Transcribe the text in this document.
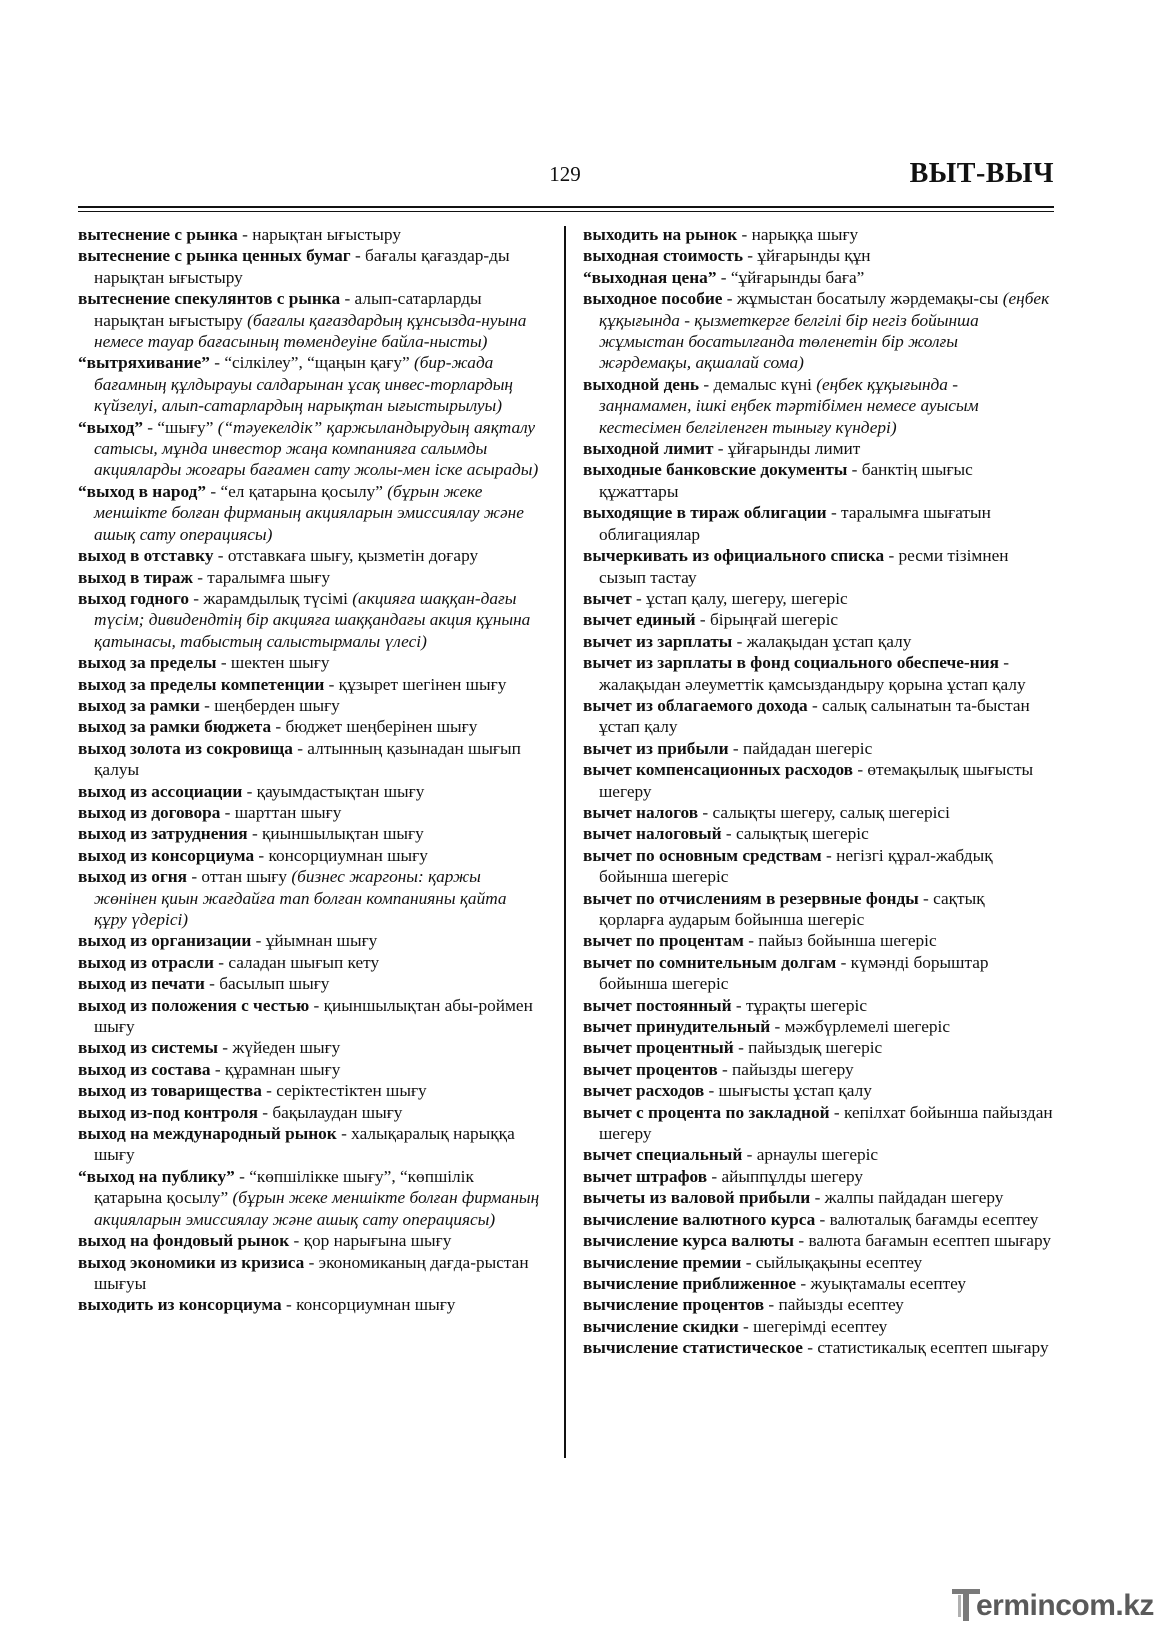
129	ВЫТ-ВЫЧ
вытеснение с рынка - нарықтан ығыстыру
вытеснение с рынка ценных бумаг - бағалы қағаздар-ды нарықтан ығыстыру
вытеснение спекулянтов с рынка - алып-сатарларды нарықтан ығыстыру (бағалы қағаздардың құнсызда-нуына немесе тауар бағасының төмендеуіне байла-нысты)
“вытряхивание” - “сілкілеу”, “щаңын қағу” (бир-жада бағамның құлдырауы салдарынан ұсақ инвес-торлардың күйзелуі, алып-сатарлардың нарықтан ығыстырылуы)
“выход” - “шығу” (“тәуекелдік” қаржыландырудың аяқталу сатысы, мұнда инвестор жаңа компанияға салымды акцияларды жоғары бағамен сату жолы-мен іске асырады)
“выход в народ” - “ел қатарына қосылу” (бұрын жеке меншікте болған фирманың акцияларын эмиссиялау және ашық сату операциясы)
выход в отставку - отставкаға шығу, қызметін доғару
выход в тираж - таралымға шығу
выход годного - жарамдылық түсімі (акцияға шаққан-дағы түсім; дивидендтің бір акцияға шаққандағы акция құнына қатынасы, табыстың салыстырмалы үлесі)
выход за пределы - шектен шығу
выход за пределы компетенции - құзырет шегінен шығу
выход за рамки - шеңберден шығу
выход за рамки бюджета - бюджет шеңберінен шығу
выход золота из сокровища - алтынның қазынадан шығып қалуы
выход из ассоциации - қауымдастықтан шығу
выход из договора - шарттан шығу
выход из затруднения - қиыншылықтан шығу
выход из консорциума - консорциумнан шығу
выход из огня - оттан шығу (бизнес жаргоны: қаржы жөнінен қиын жағдайға тап болған компанияны қайта құру үдерісі)
выход из организации - ұйымнан шығу
выход из отрасли - саладан шығып кету
выход из печати - басылып шығу
выход из положения с честью - қиыншылықтан абы-роймен шығу
выход из системы - жүйеден шығу
выход из состава - құрамнан шығу
выход из товарищества - серіктестіктен шығу
выход из-под контроля - бақылаудан шығу
выход на международный рынок - халықаралық нарыққа шығу
“выход на публику” - “көпшілікке шығу”, “көпшілік қатарына қосылу” (бұрын жеке меншікте болған фирманың акцияларын эмиссиялау және ашық сату операциясы)
выход на фондовый рынок - қор нарығына шығу
выход экономики из кризиса - экономиканың дағда-рыстан шығуы
выходить из консорциума - консорциумнан шығу
выходить на рынок - нарыққа шығу
выходная стоимость - ұйғарынды құн
“выходная цена” - “ұйғарынды баға”
выходное пособие - жұмыстан босатылу жәрдемақы-сы (еңбек құқығында - қызметкерге белгілі бір негіз бойынша жұмыстан босатылғанда төленетін бір жолғы жәрдемақы, ақшалай сома)
выходной день - демалыс күні (еңбек құқығында - заңнамамен, ішкі еңбек тәртібімен немесе ауысым кестесімен белгіленген тынығу күндері)
выходной лимит - ұйғарынды лимит
выходные банковские документы - банктің шығыс құжаттары
выходящие в тираж облигации - таралымға шығатын облигациялар
вычеркивать из официального списка - ресми тізімнен сызып тастау
вычет - ұстап қалу, шегеру, шегеріс
вычет единый - бірыңғай шегеріс
вычет из зарплаты - жалақыдан ұстап қалу
вычет из зарплаты в фонд социального обеспече-ния - жалақыдан әлеуметтік қамсыздандыру қорына ұстап қалу
вычет из облагаемого дохода - салық салынатын та-быстан ұстап қалу
вычет из прибыли - пайдадан шегеріс
вычет компенсационных расходов - өтемақылық шығысты шегеру
вычет налогов - салықты шегеру, салық шегерісі
вычет налоговый - салықтық шегеріс
вычет по основным средствам - негізгі құрал-жабдық бойынша шегеріс
вычет по отчислениям в резервные фонды - сақтық қорларға аударым бойынша шегеріс
вычет по процентам - пайыз бойынша шегеріс
вычет по сомнительным долгам - күмәнді борыштар бойынша шегеріс
вычет постоянный - тұрақты шегеріс
вычет принудительный - мәжбүрлемелі шегеріс
вычет процентный - пайыздық шегеріс
вычет процентов - пайызды шегеру
вычет расходов - шығысты ұстап қалу
вычет с процента по закладной - кепілхат бойынша пайыздан шегеру
вычет специальный - арнаулы шегеріс
вычет штрафов - айыппұлды шегеру
вычеты из валовой прибыли - жалпы пайдадан шегеру
вычисление валютного курса - валюталық бағамды есептеу
вычисление курса валюты - валюта бағамын есептеп шығару
вычисление премии - сыйлықақыны есептеу
вычисление приближенное - жуықтамалы есептеу
вычисление процентов - пайызды есептеу
вычисление скидки - шегерімді есептеу
вычисление статистическое - статистикалық есептеп шығару
ermincom.kz
